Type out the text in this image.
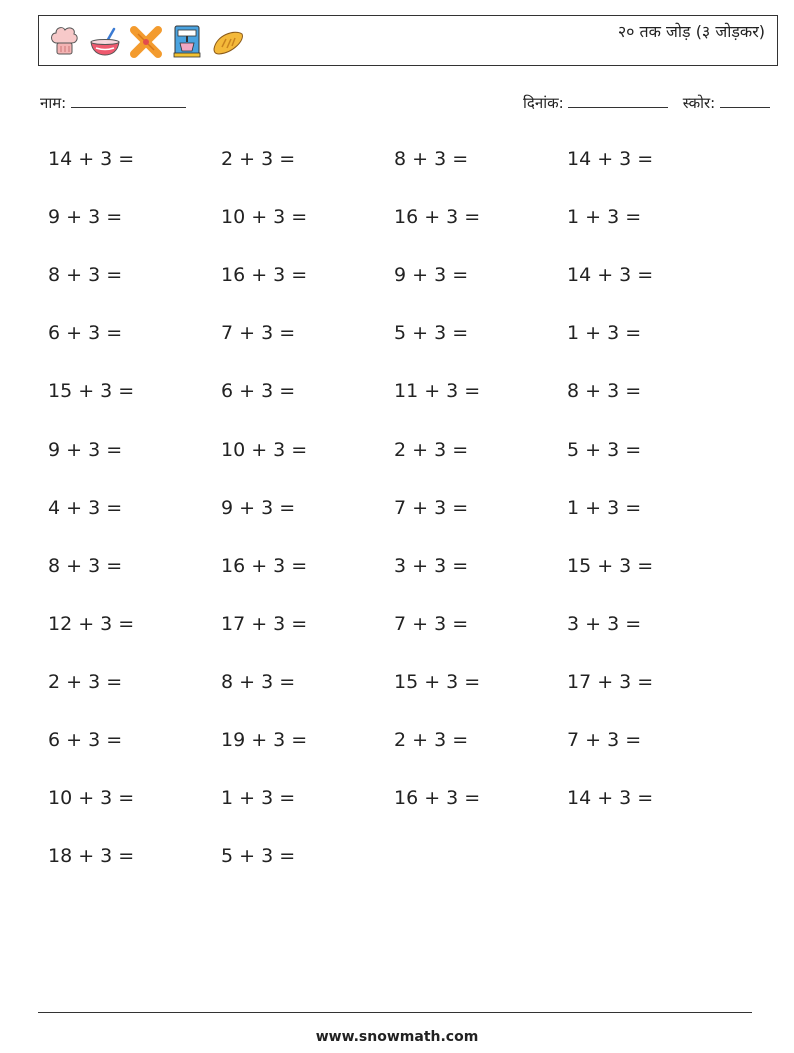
२० तक जोड़ (३ जोड़कर)
नाम:	दिनांक:	स्कोर:
14 + 3 =	2 + 3 =	8 + 3 =	14 + 3 =
9 + 3 =	10 + 3 =	16 + 3 =	1 + 3 =
8 + 3 =	16 + 3 =	9 + 3 =	14 + 3 =
6 + 3 =	7 + 3 =	5 + 3 =	1 + 3 =
15 + 3 =	6 + 3 =	11 + 3 =	8 + 3 =
9 + 3 =	10 + 3 =	2 + 3 =	5 + 3 =
4 + 3 =	9 + 3 =	7 + 3 =	1 + 3 =
8 + 3 =	16 + 3 =	3 + 3 =	15 + 3 =
12 + 3 =	17 + 3 =	7 + 3 =	3 + 3 =
2 + 3 =	8 + 3 =	15 + 3 =	17 + 3 =
6 + 3 =	19 + 3 =	2 + 3 =	7 + 3 =
10 + 3 =	1 + 3 =	16 + 3 =	14 + 3 =
18 + 3 =	5 + 3 =
www.snowmath.com
